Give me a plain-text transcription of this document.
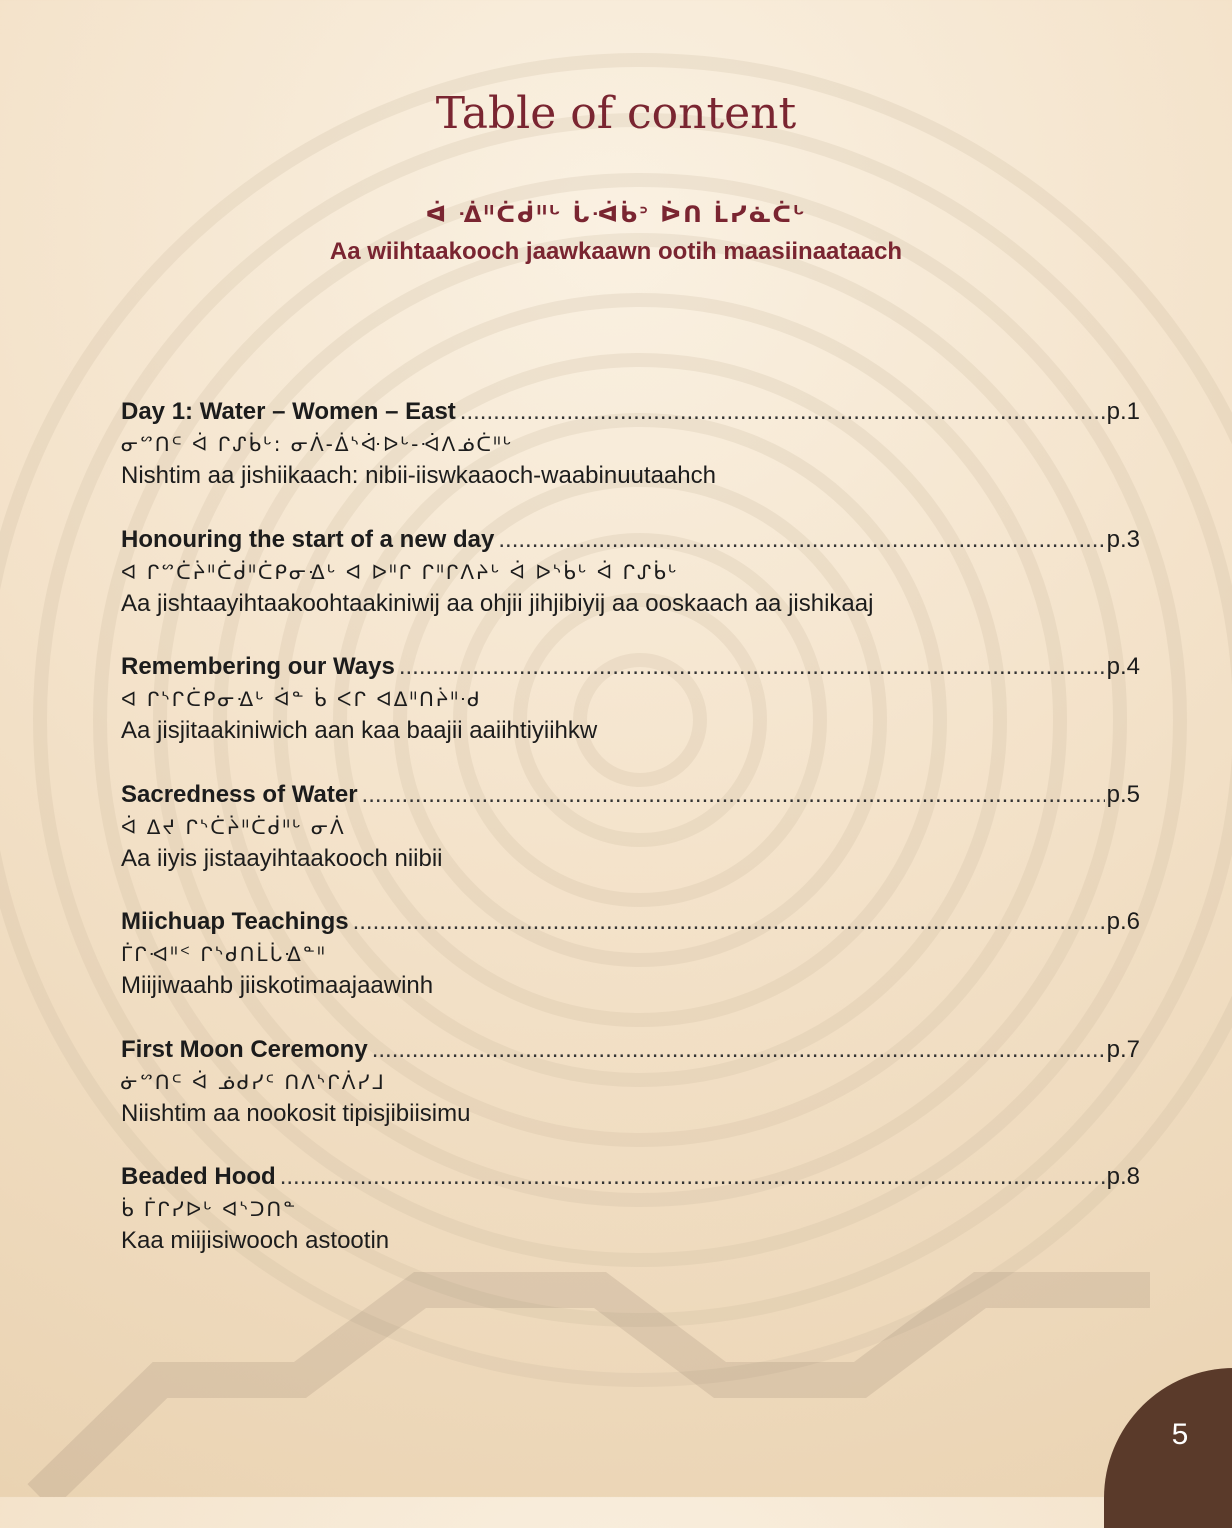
Table of content
ᐋ ᐐᐦᑖᑰᐦᒡ ᒑᐙᑳᐣ ᐆᑎ ᒫᓯᓈᑖᒡ
Aa wiihtaakooch jaawkaawn ootih maasiinaataach
Day 1: Water – Women – East .....	p.1
ᓂᔥᑎᒼ ᐋ ᒋᔑᑳᒡ: ᓂᐲ-ᐄᔅᐚᐅᒡ-ᐙᐱᓅᑖᐦᒡ
Nishtim aa jishiikaach: nibii-iiswkaaoch-waabinuutaahch
Honouring the start of a new day .....	p.3
ᐊ ᒋᔥᑖᔩᐦᑖᑰᐦᑖᑭᓂᐎᒡ ᐊ ᐅᐦᒋ ᒋᐦᒋᐱᔨᒡ ᐋ ᐅᔅᑳᒡ ᐋ ᒋᔑᑳᒡ
Aa jishtaayihtaakoohtaakiniwij aa ohjii jihjibiyij aa ooskaach aa jishikaaj
Remembering our Ways .....	p.4
ᐊ ᒋᔅᒋᑖᑭᓂᐎᒡ ᐋᓐ ᑳ ᐸᒋ ᐊᐃᐦᑎᔩᐦᐧᑯ
Aa jisjitaakiniwich aan kaa baajii aaiihtiyiihkw
Sacredness of Water .....	p.5
ᐋ ᐃᔪ ᒋᔅᑖᔩᐦᑖᑰᐦᒡ ᓂᐲ
Aa iiyis jistaayihtaakooch niibii
Miichuap Teachings .....	p.6
ᒦᒋᐗᐦᑉ ᒋᔅᑯᑎᒫᒑᐎᓐᐦ
Miijiwaahb jiiskotimaajaawinh
First Moon Ceremony .....	p.7
ᓃᔥᑎᒼ ᐋ ᓅᑯᓯᑦ ᑎᐱᔅᒋᐲᓯᒧ
Niishtim aa nookosit tipisjibiisimu
Beaded Hood .....	p.8
ᑳ ᒦᒋᓯᐅᒡ ᐊᔅᑐᑎᓐ
Kaa miijisiwooch astootin
5
